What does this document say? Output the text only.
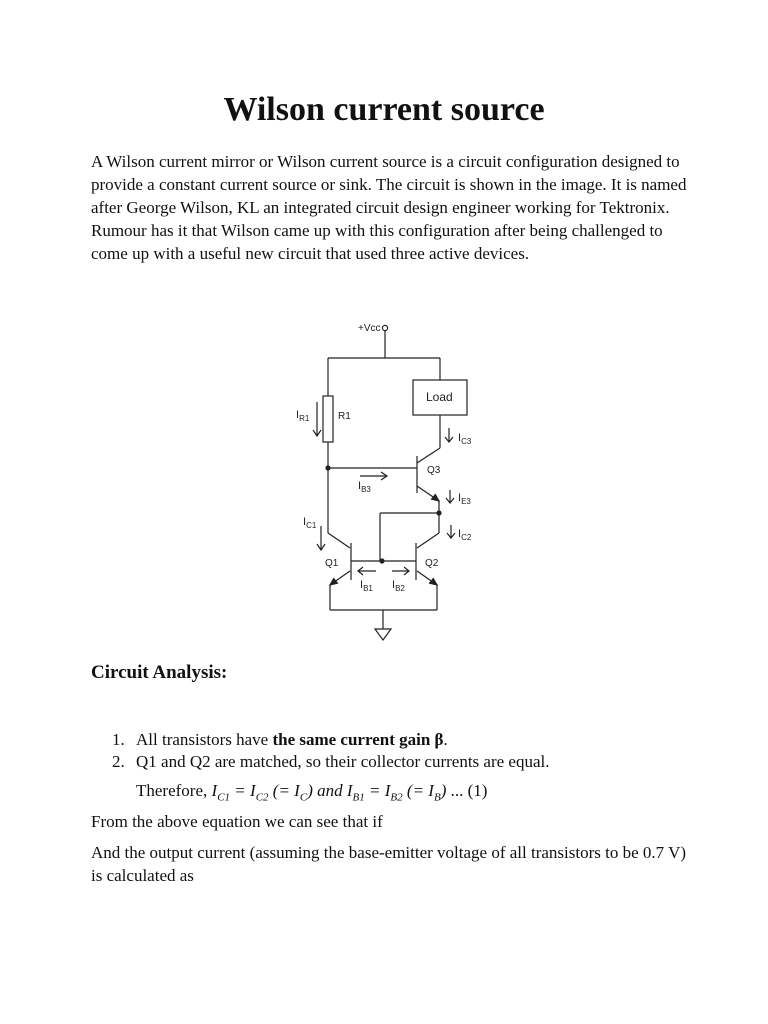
Wilson current source

A Wilson current mirror or Wilson current source is a circuit configuration designed to provide a constant current source or sink. The circuit is shown in the image. It is named after George Wilson, KL an integrated circuit design engineer working for Tektronix. Rumour has it that Wilson came up with this configuration after being challenged to come up with a useful new circuit that used three active devices.

+Vcc
Load
R1
Q3
Q1	Q2
$I_{R1}$
$I_{C3}$
$I_{B3}$
$I_{E3}$
$I_{C1}$
$I_{C2}$
$I_{B1}$ $I_{B2}$
Circuit Analysis:
1. All transistors have the same current gain β.
2. Q1 and Q2 are matched, so their collector currents are equal.

Therefore, $I_{C1} = I_{C2}$ (= $I_C$) and $I_{B1} = I_{B2}$ (= $I_B$) ... (1)

From the above equation we can see that if

And the output current (assuming the base-emitter voltage of all transistors to be 0.7 V) is calculated as
